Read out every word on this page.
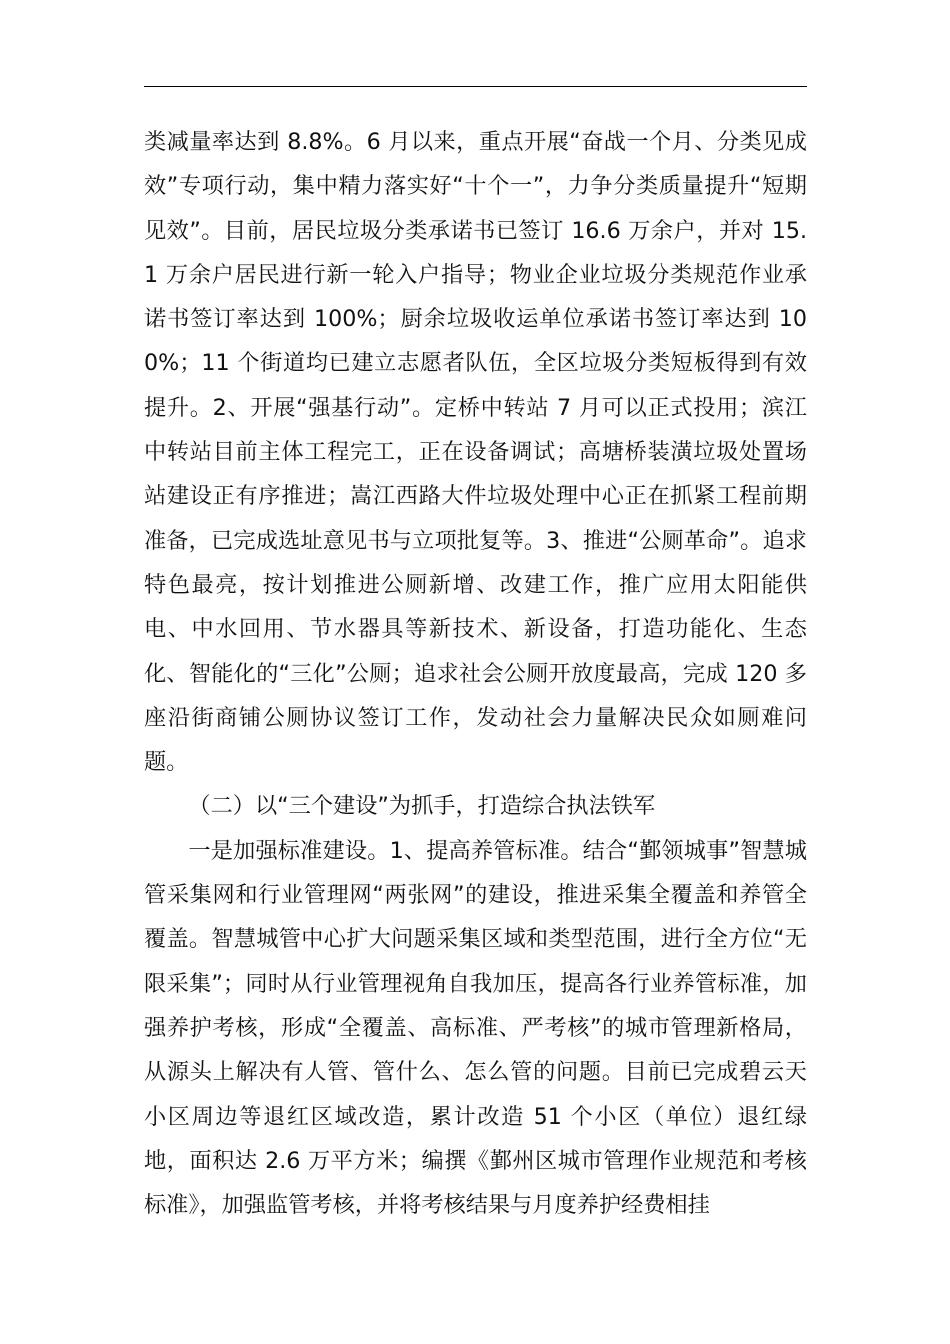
类减量率达到 8.8%。6 月以来，重点开展“奋战一个月、分类见成效”专项行动，集中精力落实好“十个一”，力争分类质量提升“短期见效”。目前，居民垃圾分类承诺书已签订 16.6 万余户，并对 15.1 万余户居民进行新一轮入户指导；物业企业垃圾分类规范作业承诺书签订率达到 100%；厨余垃圾收运单位承诺书签订率达到 100%；11 个街道均已建立志愿者队伍，全区垃圾分类短板得到有效提升。2、开展“强基行动”。定桥中转站 7 月可以正式投用；滨江中转站目前主体工程完工，正在设备调试；高塘桥装潢垃圾处置场站建设正有序推进；嵩江西路大件垃圾处理中心正在抓紧工程前期准备，已完成选址意见书与立项批复等。3、推进“公厕革命”。追求特色最亮，按计划推进公厕新增、改建工作，推广应用太阳能供电、中水回用、节水器具等新技术、新设备，打造功能化、生态化、智能化的“三化”公厕；追求社会公厕开放度最高，完成 120 多座沿街商铺公厕协议签订工作，发动社会力量解决民众如厕难问题。

（二）以“三个建设”为抓手，打造综合执法铁军

一是加强标准建设。1、提高养管标准。结合“鄞领城事”智慧城管采集网和行业管理网“两张网”的建设，推进采集全覆盖和养管全覆盖。智慧城管中心扩大问题采集区域和类型范围，进行全方位“无限采集”；同时从行业管理视角自我加压，提高各行业养管标准，加强养护考核，形成“全覆盖、高标准、严考核”的城市管理新格局，从源头上解决有人管、管什么、怎么管的问题。目前已完成碧云天小区周边等退红区域改造，累计改造 51 个小区（单位）退红绿地，面积达 2.6 万平方米；编撰《鄞州区城市管理作业规范和考核标准》，加强监管考核，并将考核结果与月度养护经费相挂
